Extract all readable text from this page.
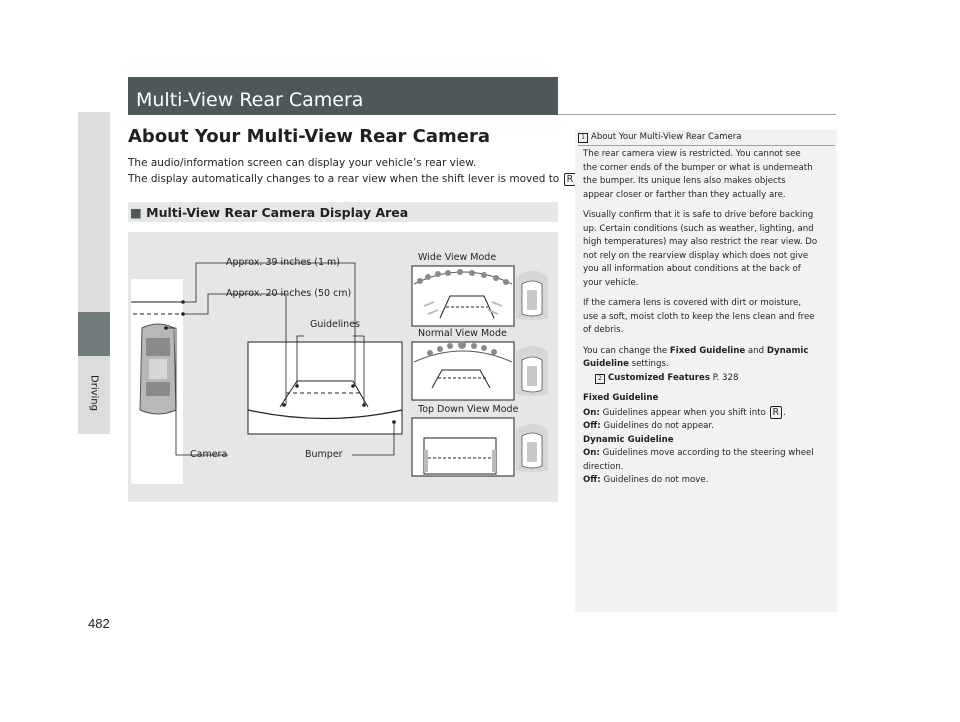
Driving
482
Multi-View Rear Camera
About Your Multi-View Rear Camera
The audio/information screen can display your vehicle’s rear view.
The display automatically changes to a rear view when the shift lever is moved to R
■ Multi-View Rear Camera Display Area
Approx. 39 inches (1 m)
Approx. 20 inches (50 cm)
Guidelines
Camera	Bumper
Wide View Mode
Normal View Mode
Top Down View Mode
1 About Your Multi-View Rear Camera

The rear camera view is restricted. You cannot see
the corner ends of the bumper or what is underneath
the bumper. Its unique lens also makes objects
appear closer or farther than they actually are.

Visually confirm that it is safe to drive before backing
up. Certain conditions (such as weather, lighting, and
high temperatures) may also restrict the rear view. Do
not rely on the rearview display which does not give
you all information about conditions at the back of
your vehicle.

If the camera lens is covered with dirt or moisture,
use a soft, moist cloth to keep the lens clean and free
of debris.

You can change the Fixed Guideline and Dynamic
Guideline settings.
2 Customized Features P. 328

Fixed Guideline
On: Guidelines appear when you shift into R .
Off: Guidelines do not appear.
Dynamic Guideline
On: Guidelines move according to the steering wheel
direction.
Off: Guidelines do not move.
